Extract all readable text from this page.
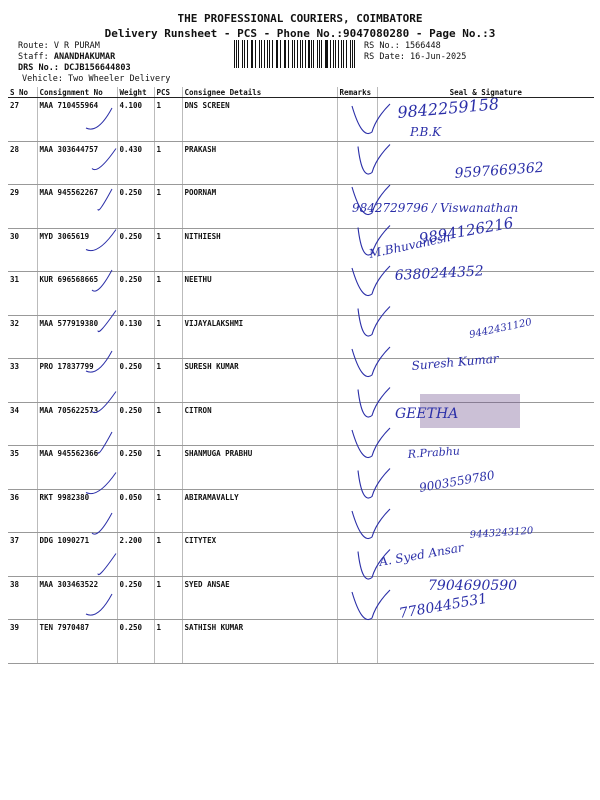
THE PROFESSIONAL COURIERS, COIMBATORE
Delivery Runsheet - PCS - Phone No.:9047080280 - Page No.:3
Route: V R PURAM
Staff: ANANDHAKUMAR
DRS No.: DCJB156644803
Vehicle: Two Wheeler Delivery
RS No.: 1566448
RS Date: 16-Jun-2025
S No	Consignment No	Weight	PCS	Consignee Details	Remarks	Seal & Signature
27	MAA 710455964	4.100	1	DNS SCREEN		
28	MAA 303644757	0.430	1	PRAKASH		
29	MAA 945562267	0.250	1	POORNAM		
30	MYD 3065619	0.250	1	NITHIESH		
31	KUR 696568665	0.250	1	NEETHU		
32	MAA 577919380	0.130	1	VIJAYALAKSHMI		
33	PRO 17837799	0.250	1	SURESH KUMAR		
34	MAA 705622573	0.250	1	CITRON		
35	MAA 945562366	0.250	1	SHANMUGA PRABHU		
36	RKT 9982380	0.050	1	ABIRAMAVALLY		
37	DDG 1090271	2.200	1	CITYTEX		
38	MAA 303463522	0.250	1	SYED ANSAE		
39	TEN 7970487	0.250	1	SATHISH KUMAR		
9842259158
P.B.K
9597669362
9842729796 / Viswanathan
9894126216
M.Bhuvanesh
6380244352
9442431120
Suresh Kumar
GEETHA
R.Prabhu
9003559780
9443243120
A. Syed Ansar
7904690590
7780445531
